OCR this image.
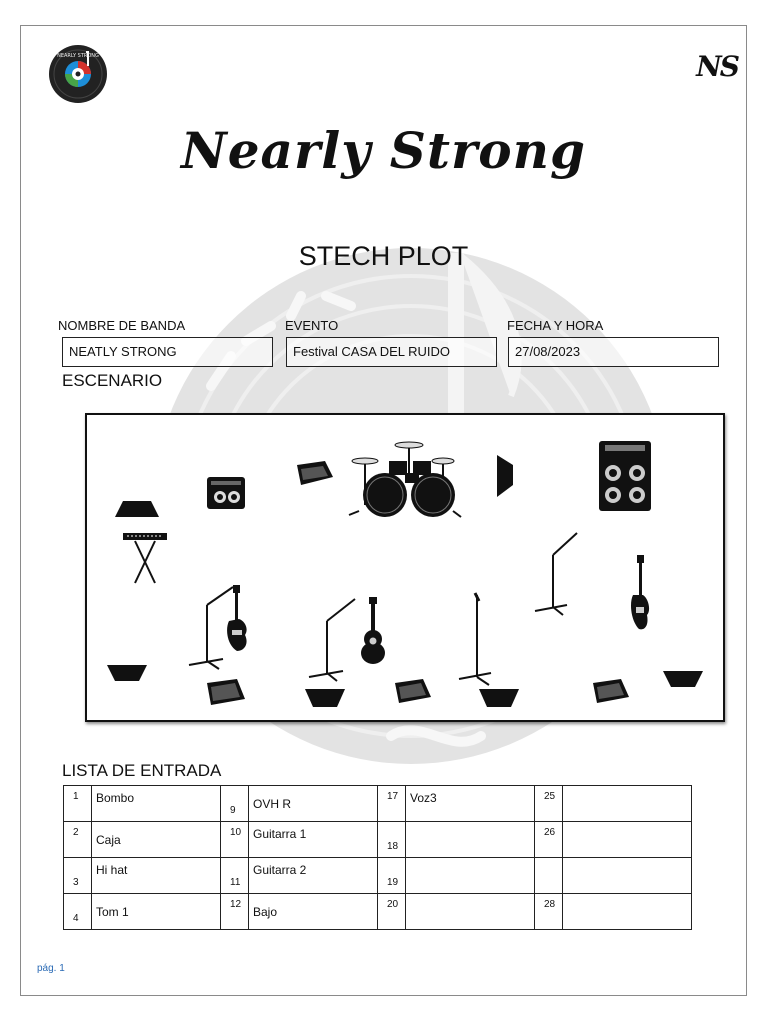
NEARLY STRONG	NS
Nearly Strong
STECH PLOT
NOMBRE DE BANDA
NEATLY STRONG
EVENTO
Festival CASA DEL RUIDO
FECHA Y HORA
27/08/2023
ESCENARIO
LISTA DE ENTRADA
1	Bombo	9	OVH R	17	Voz3	25	
2	Caja	10	Guitarra 1	18		26	
3	Hi hat	11	Guitarra 2	19			
4	Tom 1	12	Bajo	20		28	
pág. 1
